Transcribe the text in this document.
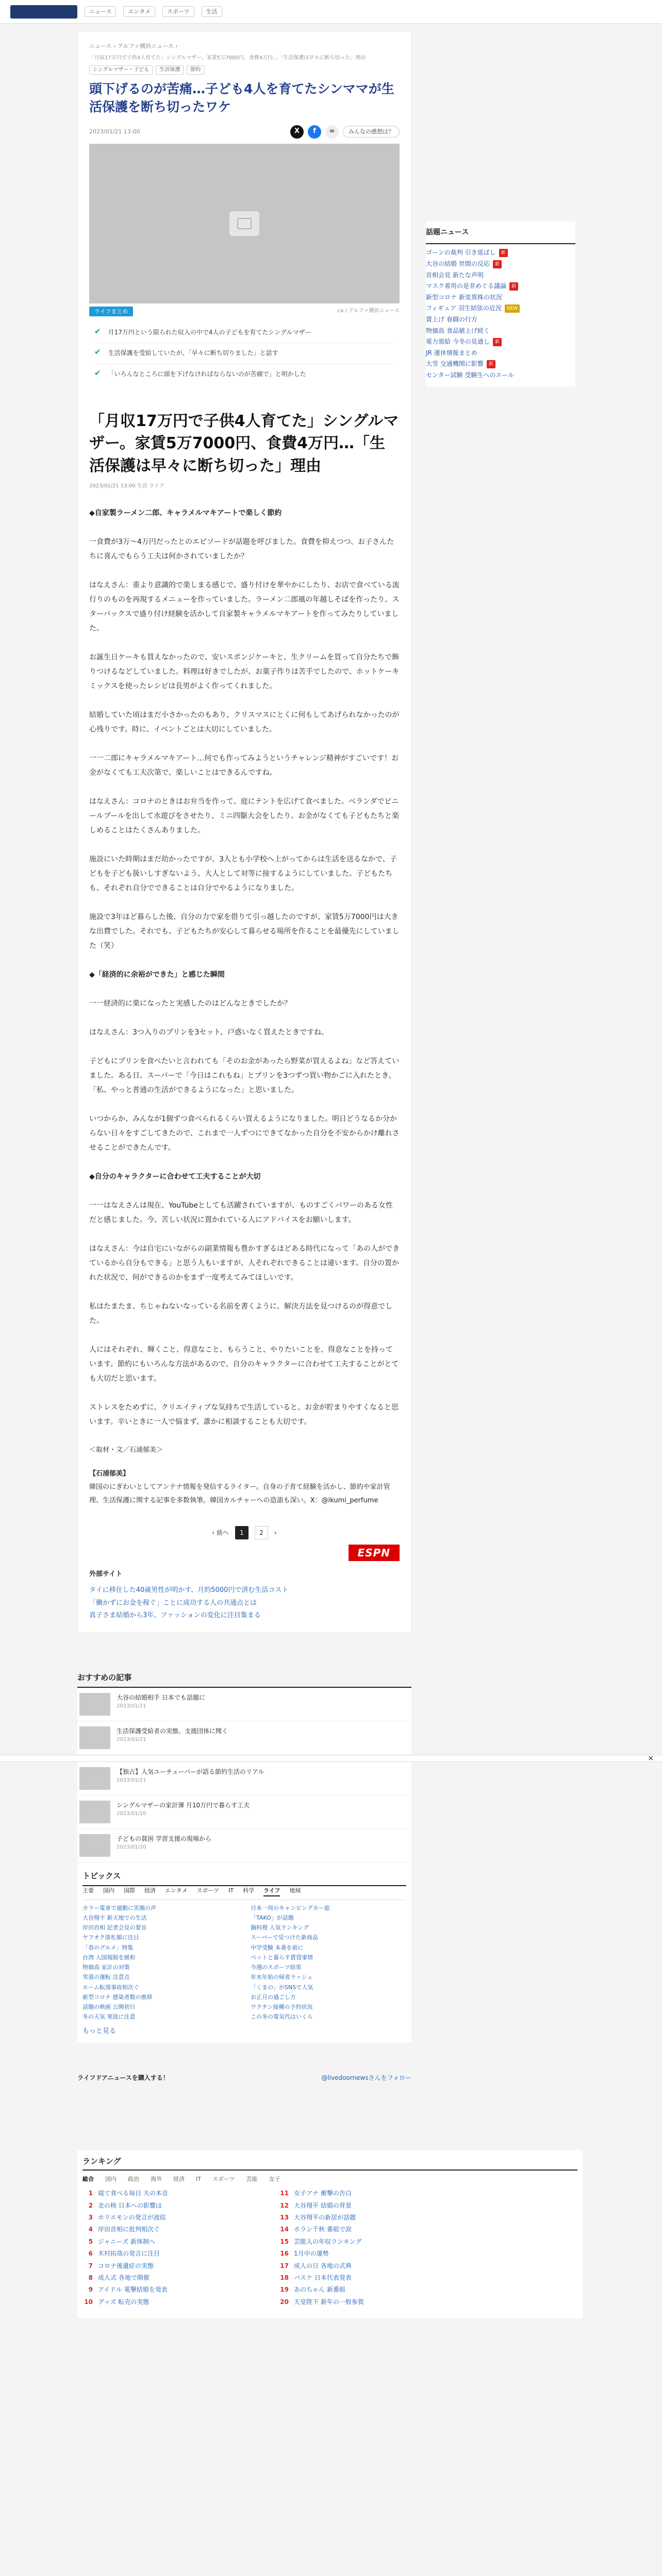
ニュース	エンタメ	スポーツ	生活
ニュース › アルファ横浜ニュース ›
「月収17万円で子供4人育てた」シングルマザー。家賃5万7000円、食費4万円…「生活保護は早々に断ち切った」理由
シングルマザー・子ども	生活保護	節約
頭下げるのが苦痛…子ども4人を育てたシンママが生活保護を断ち切ったワケ
2023/01/21 13:00	X	f	∞	みんなの感想は？
ライフまとめ	ca / アルファ横浜ニュース
✔ 月17万円という限られた収入の中で4人の子どもを育てたシングルマザー
✔ 生活保護を受給していたが、「早々に断ち切りました」と話す
✔ 「いろんなところに頭を下げなければならないのが苦痛で」と明かした
「月収17万円で子供4人育てた」シングルマザー。家賃5万7000円、食費4万円…「生活保護は早々に断ち切った」理由
2023/01/21 13:00 生活 ライフ

◆自家製ラーメン二郎、キャラメルマキアートで楽しく節約

一食費が3万～4万円だったとのエピソードが話題を呼びました。食費を抑えつつ、お子さんたちに喜んでもらう工夫は何かされていましたか？

はなえさん：重より意識的で楽しまる感じで、盛り付けを華やかにしたり、お店で食べている流行りのものを再現するメニューを作っていました。ラーメン二郎風の年越しそばを作ったり、スターバックスで盛り付け経験を活かして自家製キャラメルマキアートを作ってみたりしていました。

お誕生日ケーキも買えなかったので、安いスポンジケーキと、生クリームを買って自分たちで飾りつけるなどしていました。料理は好きでしたが、お菓子作りは苦手でしたので、ホットケーキミックスを使ったレシピは長男がよく作ってくれました。

結婚していた頃はまだ小さかったのもあり、クリスマスにとくに何もしてあげられなかったのが心残りです。時に、イベントごとは大切にしていました。

一一二郎にキャラメルマキアート…何でも作ってみようというチャレンジ精神がすごいです！お金がなくても工夫次第で、楽しいことはできるんですね。

はなえさん：コロナのときはお弁当を作って、庭にテントを広げて食べました。ベランダでビニールプールを出して水遊びをさせたり、ミニ四駆大会をしたり。お金がなくても子どもたちと楽しめることはたくさんありました。

施設にいた時期はまだ幼かったですが、3人とも小学校へ上がってからは生活を送るなかで、子どもを子ども扱いしすぎないよう、大人として対等に接するようにしていました。子どもたちも、それぞれ自分でできることは自分でやるようになりました。

施設で3年ほど暮らした後、自分の力で家を借りて引っ越したのですが、家賃5万7000円は大きな出費でした。それでも、子どもたちが安心して暮らせる場所を作ることを最優先にしていました（笑）

◆「経済的に余裕ができた」と感じた瞬間

一一経済的に楽になったと実感したのはどんなときでしたか？

はなえさん：3つ入りのプリンを3セット、戸惑いなく買えたときですね。

子どもにプリンを食べたいと言われても「そのお金があったら野菜が買えるよね」など答えていました。ある日、スーパーで「今日はこれもね」とプリンを3つずつ買い物かごに入れたとき、「私、やっと普通の生活ができるようになった」と思いました。

いつからか、みんなが1個ずつ食べられるくらい買えるようになりました。明日どうなるか分からない日々をすごしてきたので、これまで一人ずつにできてなかった自分を不安からかけ離れさせることができたんです。

◆自分のキャラクターに合わせて工夫することが大切

一一はなえさんは現在、YouTubeとしても活躍されていますが、ものすごくパワーのある女性だと感じました。今、苦しい状況に置かれている人にアドバイスをお願いします。

はなえさん：今は自宅にいながらの副業情報も豊かすぎるほどある時代になって「あの人ができているから自分もできる」と思う人もいますが、人それぞれできることは違います。自分の置かれた状況で、何ができるのかをまず一度考えてみてほしいです。

私はたまたま、ちじゃねないなっている名前を書くように、解決方法を見つけるのが得意でした。

人にはそれぞれ、輝くこと、得意なこと、もらうこと、やりたいことを、得意なことを持っています。節約にもいろんな方法があるので、自分のキャラクターに合わせて工夫することがとても大切だと思います。

ストレスをためずに、クリエイティブな気持ちで生活していると、お金が貯まりやすくなると思います。辛いときに一人で悩まず、誰かに相談することも大切です。

＜取材・文／石浦郁美＞
【石浦郁美】
韓国のにぎわいとしてアンテナ情報を発信するライター。自身の子育て経験を活かし、節約や家計管理、生活保護に関する記事を多数執筆。韓国カルチャーへの造詣も深い。X：@ikumi_perfume
‹ 前へ	1	2	›
ESPN
外部サイト
タイに移住した40歳男性が明かす、月約5000円で済む生活コスト
「働かずにお金を稼ぐ」ことに成功する人の共通点とは
真子さま結婚から3年、ファッションの変化に注目集まる
話題ニュース
ゴーンの裁判 引き延ばし	新
大谷の結婚 世間の反応	新
首相会見 新たな声明
マスク着用の是非めぐる議論	新
新型コロナ 新変異株の状況
フィギュア 羽生結弦の近況	NEW
賃上げ 春闘の行方
物価高 食品値上げ続く
電力需給 今冬の見通し	新
JR 運休情報まとめ
大雪 交通機関に影響	新
センター試験 受験生へのエール
おすすめの記事
大谷の結婚相手 日本でも話題に
2023/01/21
生活保護受給者の実態、支援団体に聞く
2023/01/21
×
【独占】人気ユーチューバーが語る節約生活のリアル
2023/01/21
シングルマザーの家計簿 月10万円で暮らす工夫
2023/01/20
子どもの貧困 学習支援の現場から
2023/01/20
トピックス
主要 国内 国際 経済 エンタメ スポーツ IT 科学 ライフ 地域
カラー電車で通勤に笑顔の声
大谷翔平 新天地での生活
岸田首相 記者会見の要旨
ヤフオク落札額に注目
「春のグルメ」特集
台湾 入国規制を緩和
物価高 家計の対策
雪道の運転 注意点
ホーム転落事故相次ぐ
新型コロナ 感染者数の推移
話題の映画 公開初日
冬の天気 寒波に注意
日本一周のキャンピングカー旅
「TAKO」が話題
鍋料理 人気ランキング
スーパーで見つけた新商品
中学受験 本番を前に
ペットと暮らす賃貸事情
今週のスポーツ結果
年末年始の帰省ラッシュ
「くまの」がSNSで人気
お正月の過ごし方
ワクチン接種の予約状況
この冬の電気代はいくら
もっと見る
ライフドアニュースを購入する！	@livedoornewsさんをフォロー
ランキング
総合 国内 政治 海外 経済 IT スポーツ 芸能 女子
1 寝て食べる毎日 夫の本音
2 北の核 日本への影響は
3 ホリエモンの発言が波紋
4 岸田首相に批判相次ぐ
5 ジャニーズ 新体制へ
6 木村拓哉の発言に注目
7 コロナ後遺症の実態
8 成人式 各地で開催
9 アイドル 電撃結婚を発表
10 グッズ 転売の実態
11 女子アナ 衝撃の告白
12 大谷翔平 結婚の背景
13 大谷翔平の新居が話題
14 ホラン千秋 番組で涙
15 芸能人の年収ランキング
16 1月中の運勢
17 成人の日 各地の式典
18 バスケ 日本代表発表
19 あのちゃん 新番組
20 天皇陛下 新年の一般参賀
